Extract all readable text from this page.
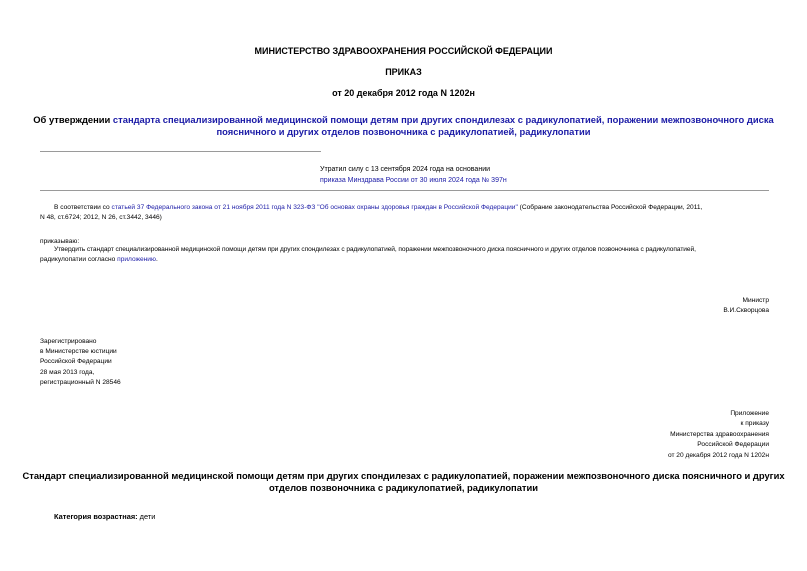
МИНИСТЕРСТВО ЗДРАВООХРАНЕНИЯ РОССИЙСКОЙ ФЕДЕРАЦИИ
ПРИКАЗ
от 20 декабря 2012 года N 1202н
Об утверждении стандарта специализированной медицинской помощи детям при других спондилезах с радикулопатией, поражении межпозвоночного диска
поясничного и других отделов позвоночника с радикулопатией, радикулопатии
Утратил силу с 13 сентября 2024 года на основании
приказа Минздрава России от 30 июля 2024 года № 397н
В соответствии со статьей 37 Федерального закона от 21 ноября 2011 года N 323-ФЗ "Об основах охраны здоровья граждан в Российской Федерации" (Собрание законодательства Российской Федерации, 2011,
N 48, ст.6724; 2012, N 26, ст.3442, 3446)
приказываю:
Утвердить стандарт специализированной медицинской помощи детям при других спондилезах с радикулопатией, поражении межпозвоночного диска поясничного и других отделов позвоночника с радикулопатией,
радикулопатии согласно приложению.
Министр
В.И.Скворцова
Зарегистрировано
в Министерстве юстиции
Российской Федерации
28 мая 2013 года,
регистрационный N 28546
Приложение
к приказу
Министерства здравоохранения
Российской Федерации
от 20 декабря 2012 года N 1202н
Стандарт специализированной медицинской помощи детям при других спондилезах с радикулопатией, поражении межпозвоночного диска поясничного и других
отделов позвоночника с радикулопатией, радикулопатии
Категория возрастная: дети
